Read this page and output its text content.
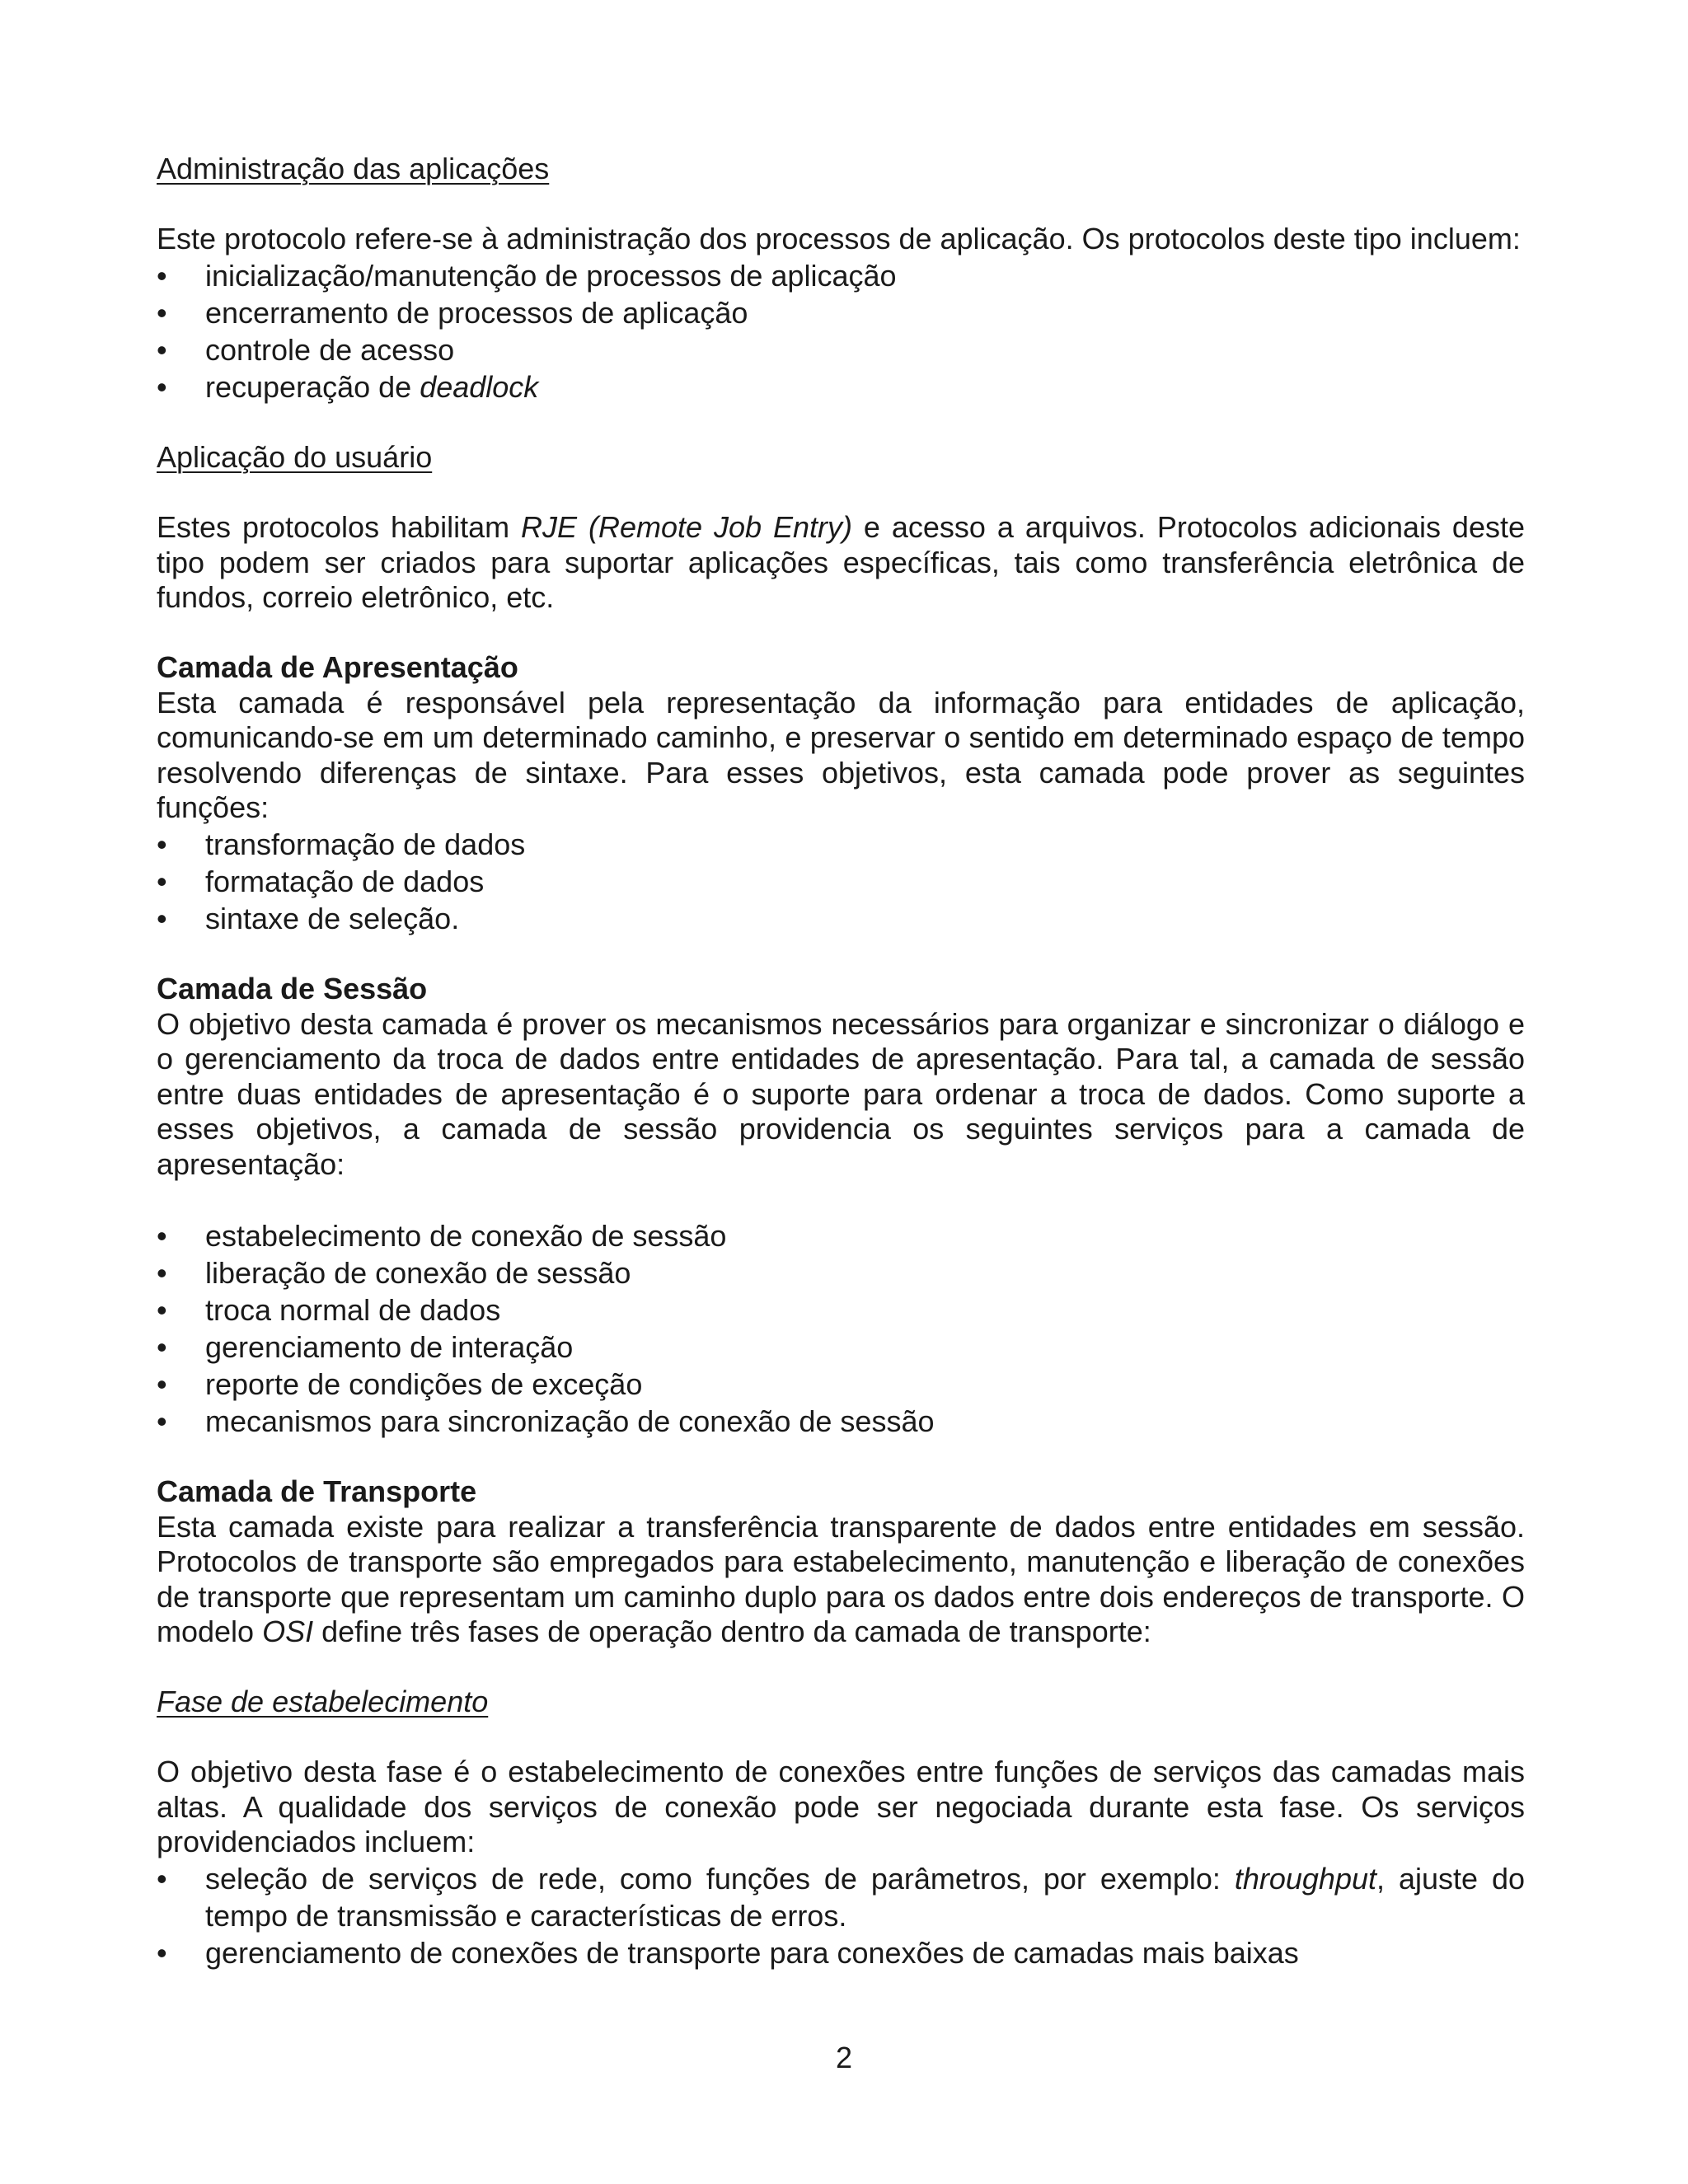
Administração das aplicações

Este protocolo refere-se à administração dos processos de aplicação. Os protocolos deste tipo incluem:

• inicialização/manutenção de processos de aplicação
• encerramento de processos de aplicação
• controle de acesso
• recuperação de deadlock

Aplicação do usuário

Estes protocolos habilitam RJE (Remote Job Entry) e acesso a arquivos. Protocolos adicionais deste tipo podem ser criados para suportar aplicações específicas, tais como transferência eletrônica de fundos, correio eletrônico, etc.

Camada de Apresentação

Esta camada é responsável pela representação da informação para entidades de aplicação, comunicando-se em um determinado caminho, e preservar o sentido em determinado espaço de tempo resolvendo diferenças de sintaxe. Para esses objetivos, esta camada pode prover as seguintes funções:

• transformação de dados
• formatação de dados
• sintaxe de seleção.

Camada de Sessão

O objetivo desta camada é prover os mecanismos necessários para organizar e sincronizar o diálogo e o gerenciamento da troca de dados entre entidades de apresentação. Para tal, a camada de sessão entre duas entidades de apresentação é o suporte para ordenar a troca de dados. Como suporte a esses objetivos, a camada de sessão providencia os seguintes serviços para a camada de apresentação:

• estabelecimento de conexão de sessão
• liberação de conexão de sessão
• troca normal de dados
• gerenciamento de interação
• reporte de condições de exceção
• mecanismos para sincronização de conexão de sessão

Camada de Transporte

Esta camada existe para realizar a transferência transparente de dados entre entidades em sessão. Protocolos de transporte são empregados para estabelecimento, manutenção e liberação de conexões de transporte que representam um caminho duplo para os dados entre dois endereços de transporte. O modelo OSI define três fases de operação dentro da camada de transporte:

Fase de estabelecimento

O objetivo desta fase é o estabelecimento de conexões entre funções de serviços das camadas mais altas. A qualidade dos serviços de conexão pode ser negociada durante esta fase. Os serviços providenciados incluem:

• seleção de serviços de rede, como funções de parâmetros, por exemplo: throughput, ajuste do tempo de transmissão e características de erros.
• gerenciamento de conexões de transporte para conexões de camadas mais baixas
2
